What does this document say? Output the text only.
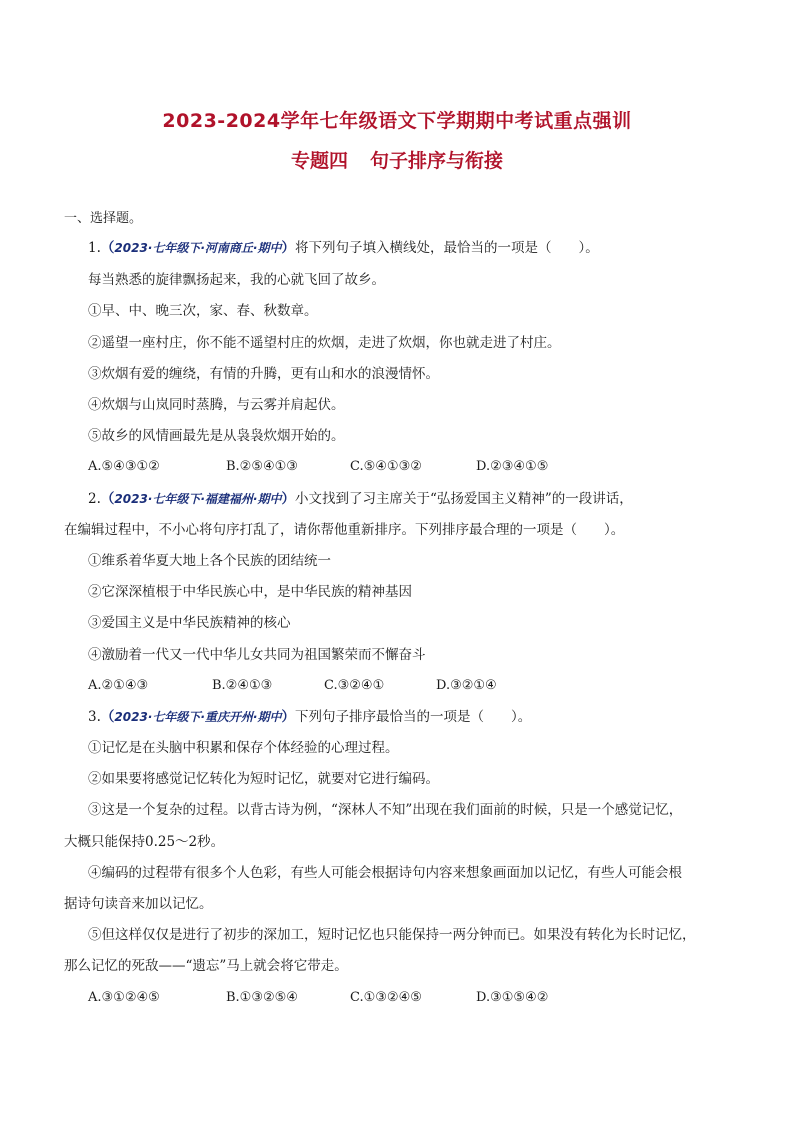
2023-2024学年七年级语文下学期期中考试重点强训
专题四 句子排序与衔接
一、选择题。
1.（2023·七年级下·河南商丘·期中）将下列句子填入横线处，最恰当的一项是（　　）。
每当熟悉的旋律飘扬起来，我的心就飞回了故乡。
①早、中、晚三次，家、春、秋数章。
②遥望一座村庄，你不能不遥望村庄的炊烟，走进了炊烟，你也就走进了村庄。
③炊烟有爱的缠绕，有情的升腾，更有山和水的浪漫情怀。
④炊烟与山岚同时蒸腾，与云雾并肩起伏。
⑤故乡的风情画最先是从袅袅炊烟开始的。
A.⑤④③①②	B.②⑤④①③	C.⑤④①③②	D.②③④①⑤
2.（2023·七年级下·福建福州·期中）小文找到了习主席关于“弘扬爱国主义精神”的一段讲话，
在编辑过程中，不小心将句序打乱了，请你帮他重新排序。下列排序最合理的一项是（　　）。
①维系着华夏大地上各个民族的团结统一
②它深深植根于中华民族心中，是中华民族的精神基因
③爱国主义是中华民族精神的核心
④激励着一代又一代中华儿女共同为祖国繁荣而不懈奋斗
A.②①④③	B.②④①③	C.③②④①	D.③②①④
3.（2023·七年级下·重庆开州·期中）下列句子排序最恰当的一项是（　　）。
①记忆是在头脑中积累和保存个体经验的心理过程。
②如果要将感觉记忆转化为短时记忆，就要对它进行编码。
③这是一个复杂的过程。以背古诗为例，“深林人不知”出现在我们面前的时候，只是一个感觉记忆，
大概只能保持0.25～2秒。
④编码的过程带有很多个人色彩，有些人可能会根据诗句内容来想象画面加以记忆，有些人可能会根
据诗句读音来加以记忆。
⑤但这样仅仅是进行了初步的深加工，短时记忆也只能保持一两分钟而已。如果没有转化为长时记忆，
那么记忆的死敌——“遗忘”马上就会将它带走。
A.③①②④⑤	B.①③②⑤④	C.①③②④⑤	D.③①⑤④②
